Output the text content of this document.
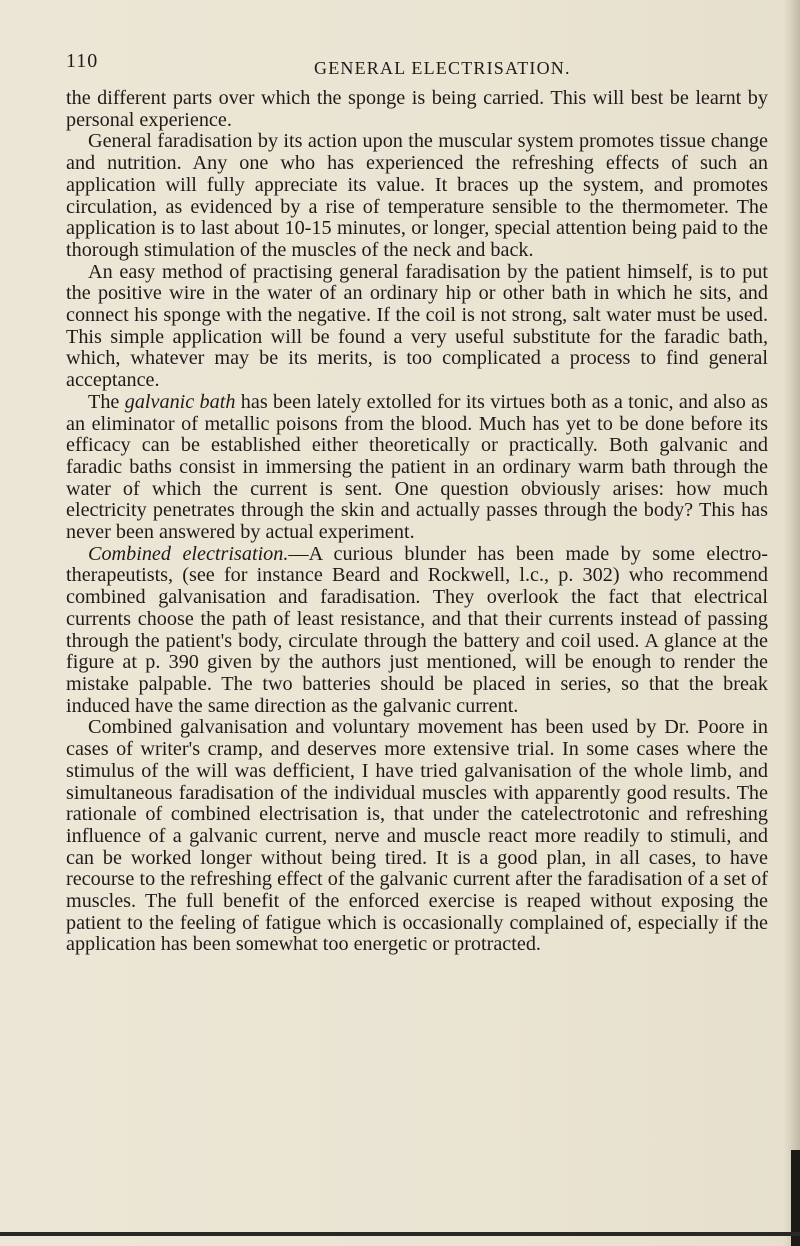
110	GENERAL ELECTRISATION.

the different parts over which the sponge is being carried. This will best be learnt by personal experience.

General faradisation by its action upon the muscular system promotes tissue change and nutrition. Any one who has experienced the refreshing effects of such an application will fully appreciate its value. It braces up the system, and promotes circulation, as evidenced by a rise of temperature sensible to the thermometer. The application is to last about 10-15 minutes, or longer, special attention being paid to the thorough stimulation of the muscles of the neck and back.

An easy method of practising general faradisation by the patient himself, is to put the positive wire in the water of an ordinary hip or other bath in which he sits, and connect his sponge with the negative. If the coil is not strong, salt water must be used. This simple application will be found a very useful substitute for the faradic bath, which, whatever may be its merits, is too complicated a process to find general acceptance.

The galvanic bath has been lately extolled for its virtues both as a tonic, and also as an eliminator of metallic poisons from the blood. Much has yet to be done before its efficacy can be established either theoretically or practically. Both galvanic and faradic baths consist in immersing the patient in an ordinary warm bath through the water of which the current is sent. One question obviously arises: how much electricity penetrates through the skin and actually passes through the body? This has never been answered by actual experiment.

Combined electrisation.—A curious blunder has been made by some electro-therapeutists, (see for instance Beard and Rockwell, l.c., p. 302) who recommend combined galvanisation and faradisation. They overlook the fact that electrical currents choose the path of least resistance, and that their currents instead of passing through the patient's body, circulate through the battery and coil used. A glance at the figure at p. 390 given by the authors just mentioned, will be enough to render the mistake palpable. The two batteries should be placed in series, so that the break induced have the same direction as the galvanic current.

Combined galvanisation and voluntary movement has been used by Dr. Poore in cases of writer's cramp, and deserves more extensive trial. In some cases where the stimulus of the will was defficient, I have tried galvanisation of the whole limb, and simultaneous faradisation of the individual muscles with apparently good results. The rationale of combined electrisation is, that under the catelectrotonic and refreshing influence of a galvanic current, nerve and muscle react more readily to stimuli, and can be worked longer without being tired. It is a good plan, in all cases, to have recourse to the refreshing effect of the galvanic current after the faradisation of a set of muscles. The full benefit of the enforced exercise is reaped without exposing the patient to the feeling of fatigue which is occasionally complained of, especially if the application has been somewhat too energetic or protracted.
